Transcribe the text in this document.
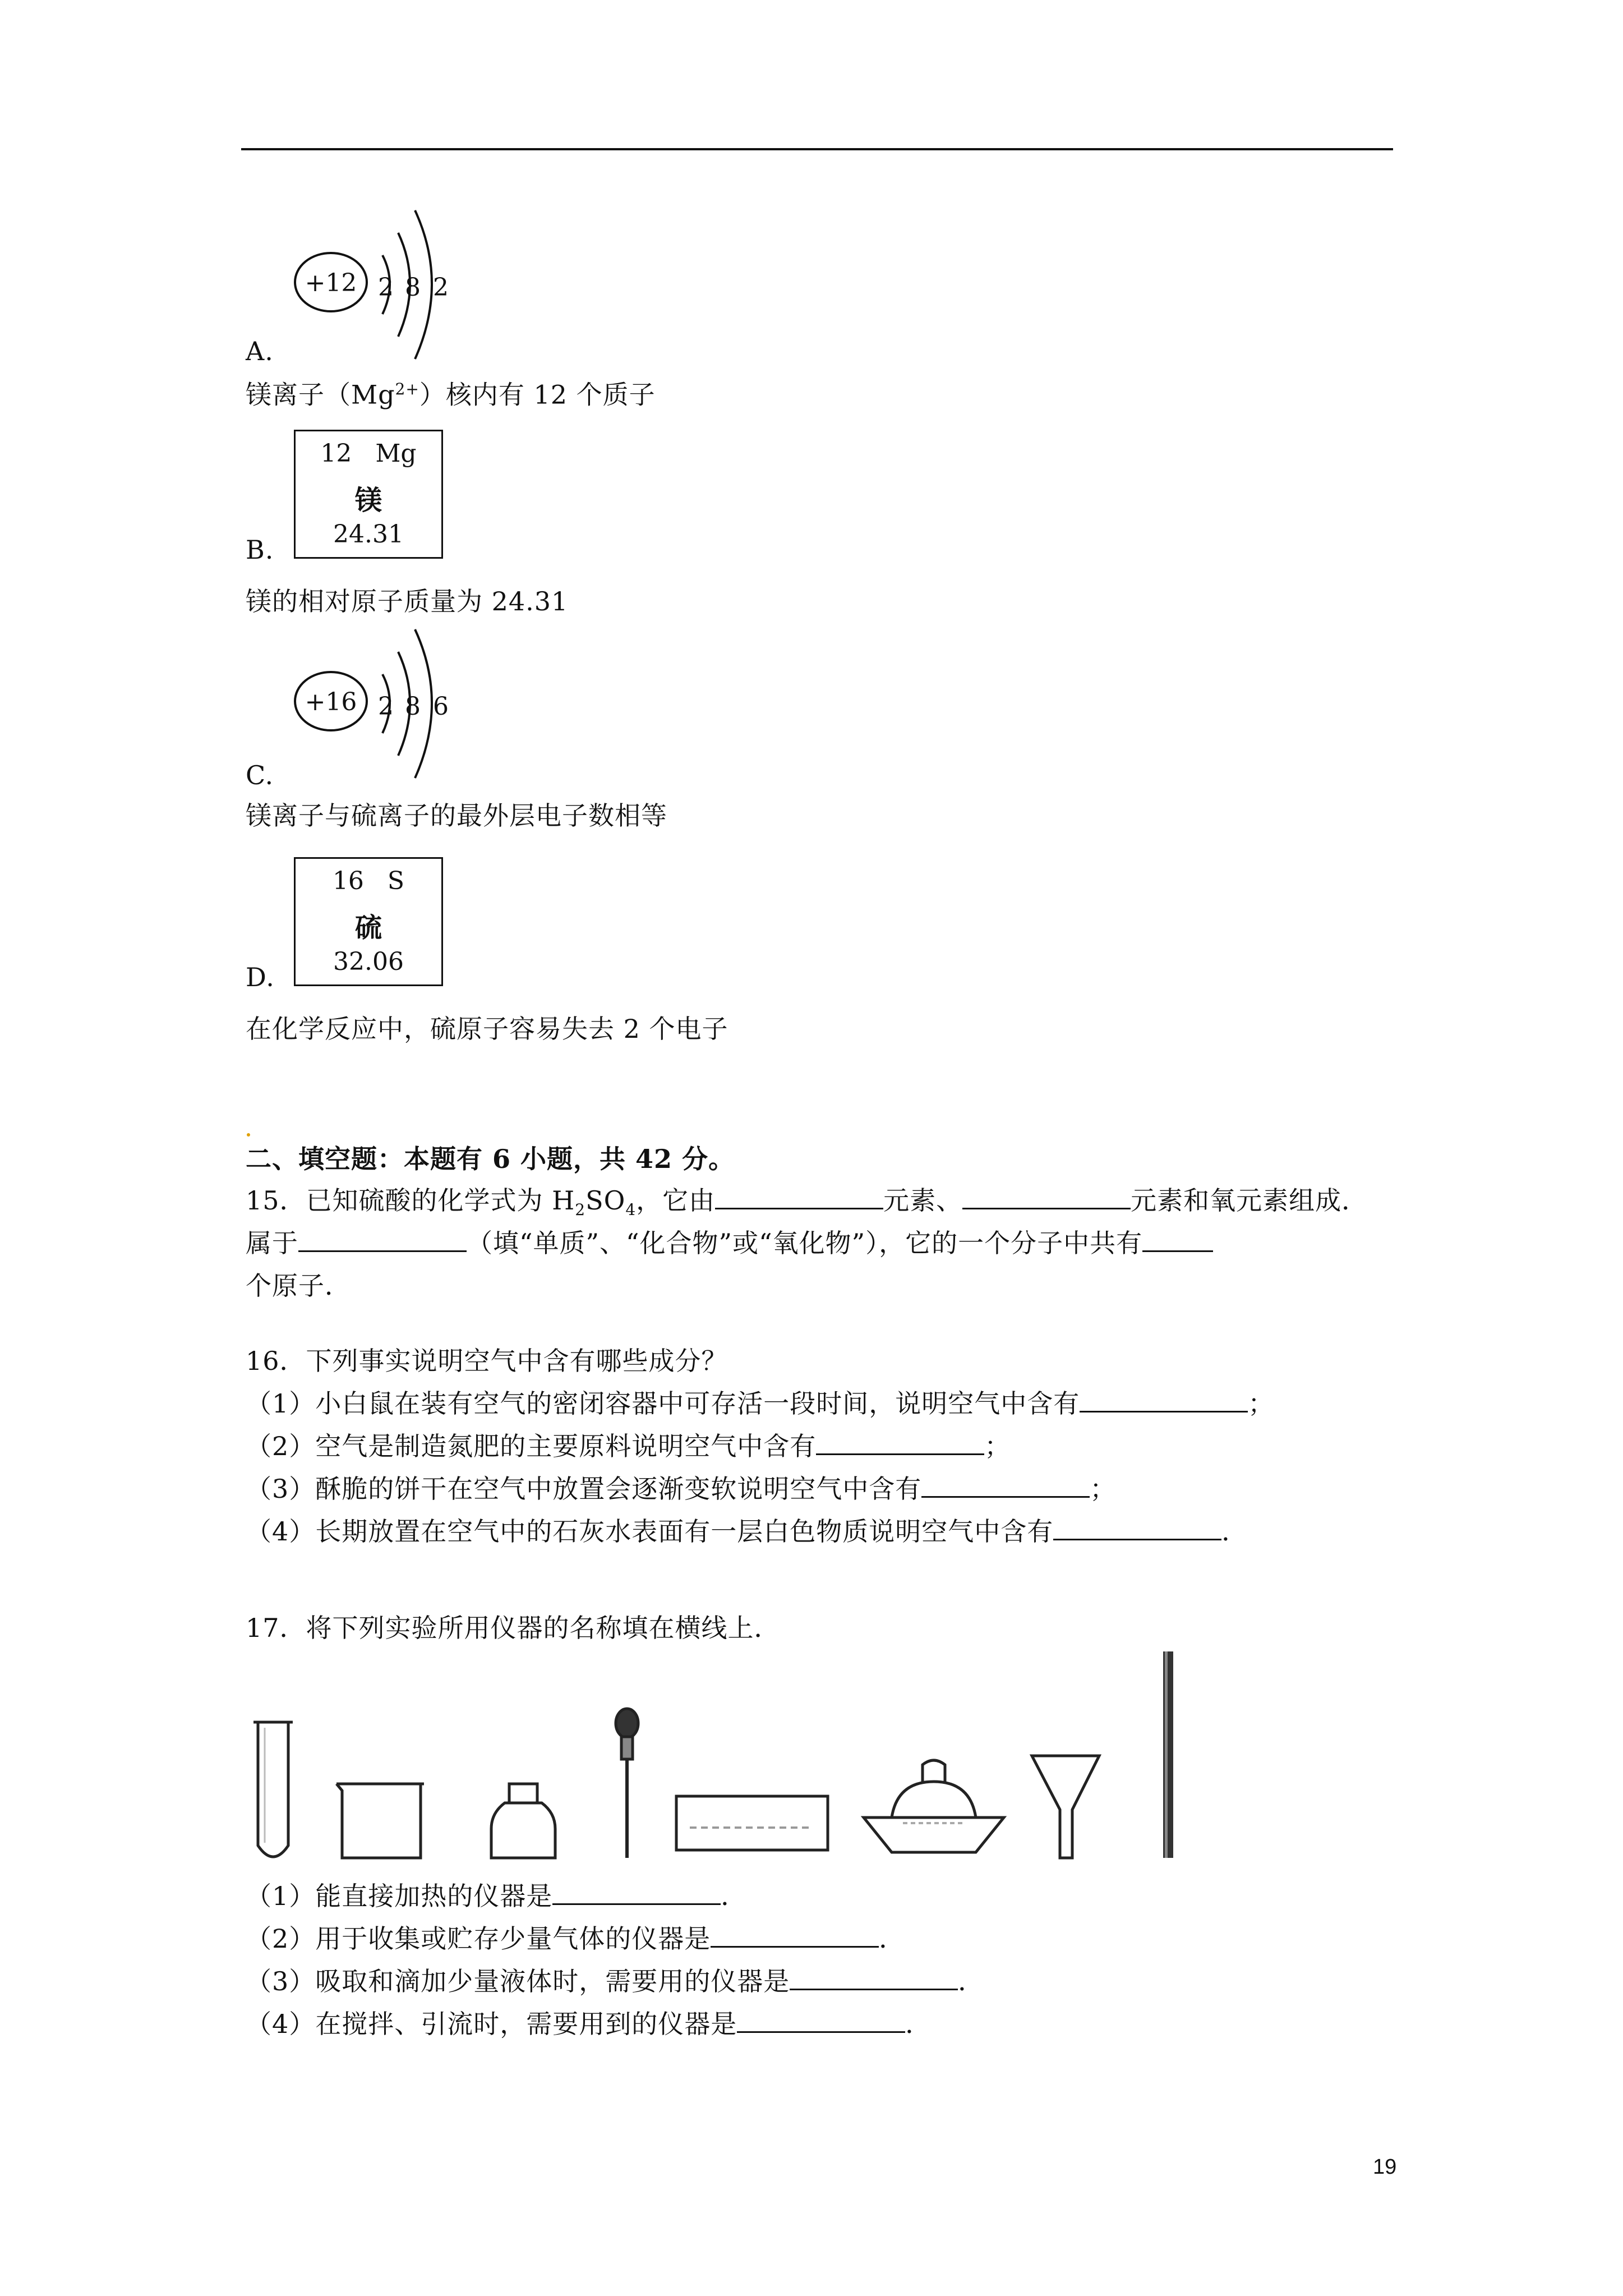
+12 2 8 2
A.
镁离子$(Mg^{2+})$核内有 12 个质子
12 Mg
镁
24.31
B.
镁的相对原子质量为 24.31
+16 2 8 6
C.
镁离子与硫离子的最外层电子数相等
16 S
硫
32.06
D.
在化学反应中，硫原子容易失去 2 个电子
二、填空题：本题有 6 小题，共 42 分。
15．已知硫酸的化学式为 $H_2SO_4$，它由	元素、	元素和氧元素组成．
属于	（填“单质”、“化合物”或“氧化物”），它的一个分子中共有
个原子．
16．下列事实说明空气中含有哪些成分？
（1）小白鼠在装有空气的密闭容器中可存活一段时间，说明空气中含有	；
（2）空气是制造氮肥的主要原料说明空气中含有	；
（3）酥脆的饼干在空气中放置会逐渐变软说明空气中含有	；
（4）长期放置在空气中的石灰水表面有一层白色物质说明空气中含有	．
17．将下列实验所用仪器的名称填在横线上．
（1）能直接加热的仪器是	．
（2）用于收集或贮存少量气体的仪器是	．
（3）吸取和滴加少量液体时，需要用的仪器是	．
（4）在搅拌、引流时，需要用到的仪器是	．
19
